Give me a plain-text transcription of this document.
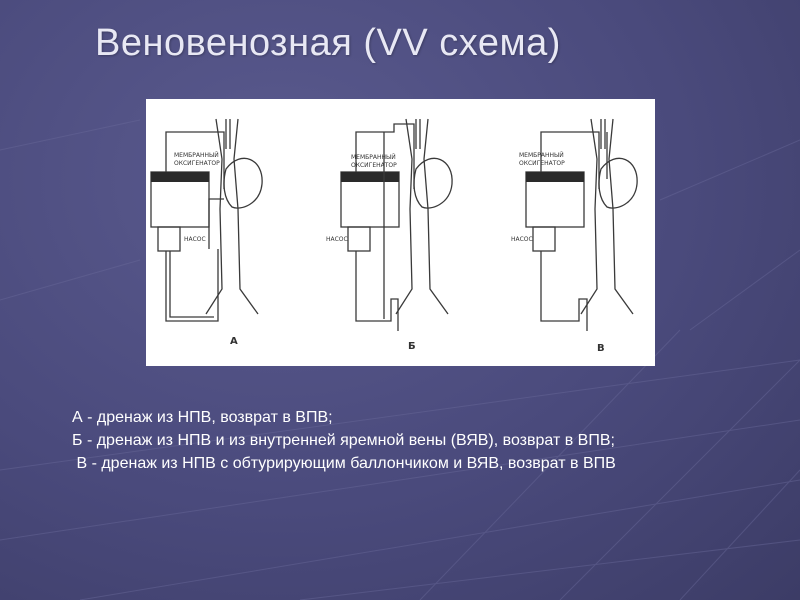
Веновенозная (VV схема)
МЕМБРАННЫЙ
ОКСИГЕНАТОР
НАСОС
А
МЕМБРАННЫЙ
ОКСИГЕНАТОР
НАСОС
Б
МЕМБРАННЫЙ
ОКСИГЕНАТОР
НАСОС
В
А - дренаж из НПВ, возврат в ВПВ;
Б - дренаж из НПВ и из внутренней яремной вены (ВЯВ), возврат в ВПВ;
В - дренаж из НПВ с обтурирующим баллончиком и ВЯВ, возврат в ВПВ
